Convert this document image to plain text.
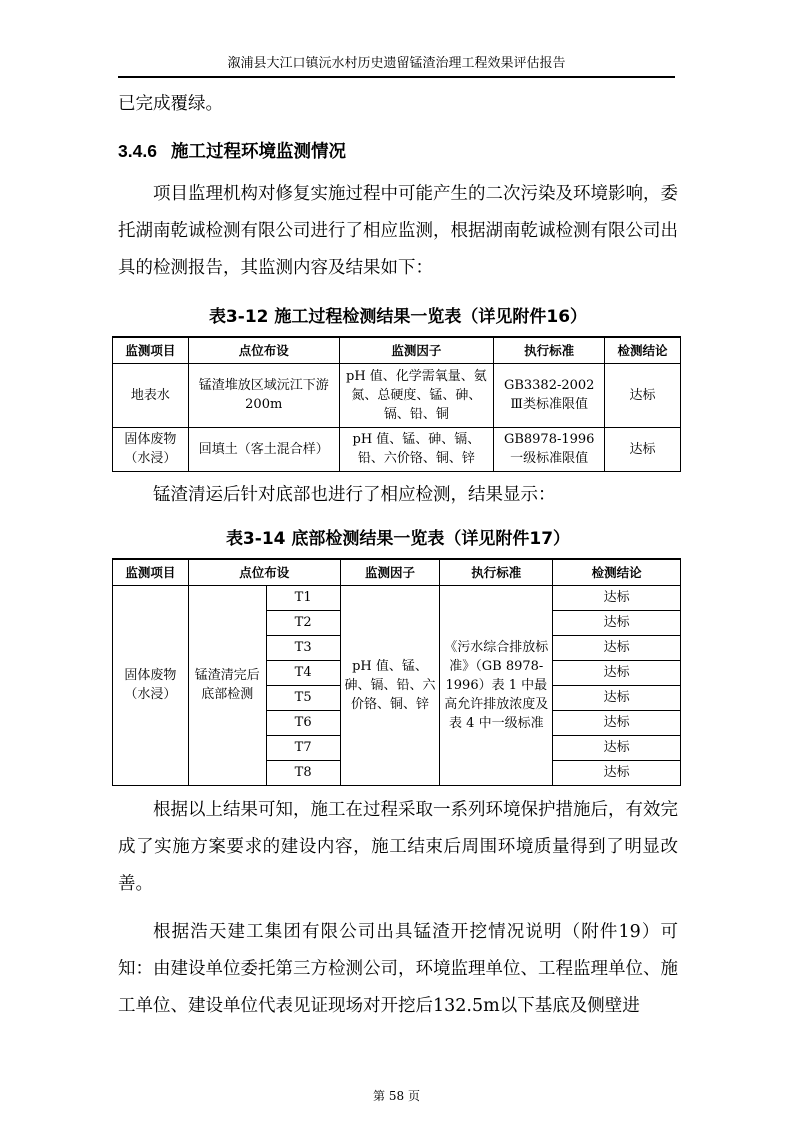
溆浦县大江口镇沅水村历史遗留锰渣治理工程效果评估报告
已完成覆绿。
3.4.6 施工过程环境监测情况
项目监理机构对修复实施过程中可能产生的二次污染及环境影响，委托湖南乾诚检测有限公司进行了相应监测，根据湖南乾诚检测有限公司出具的检测报告，其监测内容及结果如下：
表3-12 施工过程检测结果一览表（详见附件16）
监测项目	点位布设	监测因子	执行标准	检测结论
地表水	锰渣堆放区域沅江下游 200m	pH 值、化学需氧量、氨氮、总硬度、锰、砷、镉、铅、铜	GB3382-2002 Ⅲ类标准限值	达标
固体废物（水浸）	回填土（客土混合样）	pH 值、锰、砷、镉、铅、六价铬、铜、锌	GB8978-1996 一级标准限值	达标
锰渣清运后针对底部也进行了相应检测，结果显示：
表3-14 底部检测结果一览表（详见附件17）
监测项目	点位布设		监测因子	执行标准	检测结论
固体废物（水浸）	锰渣清完后底部检测	T1	pH 值、锰、砷、镉、铅、六价铬、铜、锌	《污水综合排放标准》（GB 8978-1996）表 1 中最高允许排放浓度及表 4 中一级标准	达标
		T2			达标
		T3			达标
		T4			达标
		T5			达标
		T6			达标
		T7			达标
		T8			达标
根据以上结果可知，施工在过程采取一系列环境保护措施后，有效完成了实施方案要求的建设内容，施工结束后周围环境质量得到了明显改善。
根据浩天建工集团有限公司出具锰渣开挖情况说明（附件19）可知：由建设单位委托第三方检测公司，环境监理单位、工程监理单位、施工单位、建设单位代表见证现场对开挖后132.5m以下基底及侧壁进
第 58 页
